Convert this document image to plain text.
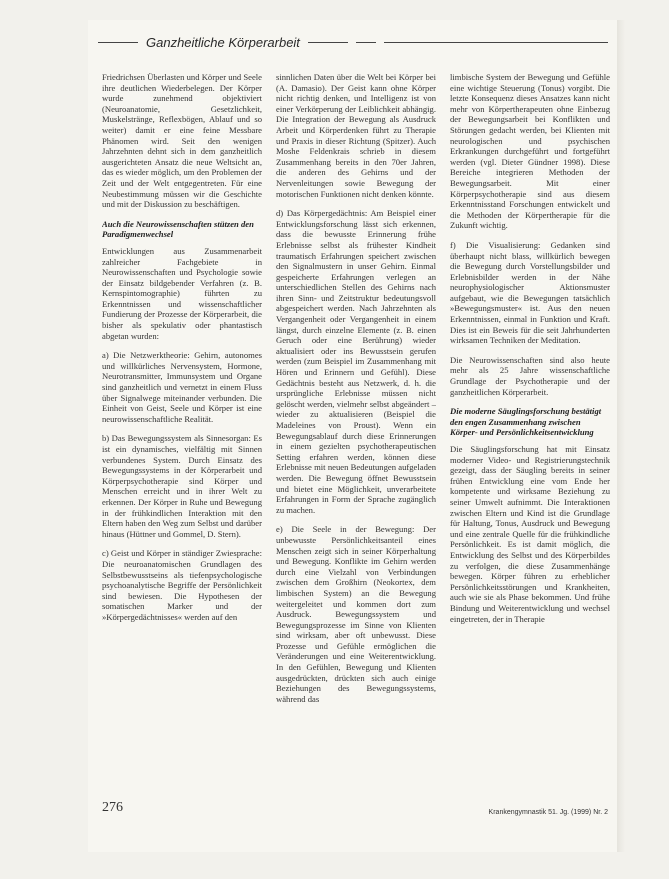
Ganzheitliche Körperarbeit

Friedrichsen Überlasten und Körper und Seele ihre deutlichen Wiederbelegen. Der Körper wurde zunehmend objektiviert (Neuroanatomie, Gesetzlichkeit, Muskelstränge, Reflexbögen, Ablauf und so weiter) damit er eine feine Messbare Phänomen wird. Seit den wenigen Jahrzehnten dehnt sich in dem ganzheitlich ausgerichteten Ansatz die neue Weltsicht an, das es wieder möglich, um den Problemen der Zeit und der Welt entgegentreten. Für eine Neubestimmung müssen wir die Geschichte und mit der Diskussion zu beschäftigen.

Auch die Neurowissenschaften stützen den Paradigmenwechsel

Entwicklungen aus Zusammenarbeit zahlreicher Fachgebiete in Neurowissenschaften und Psychologie sowie der Einsatz bildgebender Verfahren (z. B. Kernspintomographie) führten zu Erkenntnissen und wissenschaftlicher Fundierung der Prozesse der Körperarbeit, die bisher als spekulativ oder phantastisch abgetan wurden:

a) Die Netzwerktheorie: Gehirn, autonomes und willkürliches Nervensystem, Hormone, Neurotransmitter, Immunsystem und Organe sind ganzheitlich und vernetzt in einem Fluss über Signalwege miteinander verbunden. Die Einheit von Geist, Seele und Körper ist eine neurowissenschaftliche Realität.

b) Das Bewegungssystem als Sinnesorgan: Es ist ein dynamisches, vielfältig mit Sinnen verbundenes System. Durch Einsatz des Bewegungssystems in der Körperarbeit und Körperpsychotherapie sind Körper und Menschen erreicht und in ihrer Welt zu erkennen. Der Körper in Ruhe und Bewegung in der frühkindlichen Interaktion mit den Eltern haben den Weg zum Selbst und darüber hinaus (Hüttner und Gommel, D. Stern).

c) Geist und Körper in ständiger Zwiesprache: Die neuroanatomischen Grundlagen des Selbstbewusstseins als tiefenpsychologische psychoanalytische Begriffe der Persönlichkeit sind bewiesen. Die Hypothesen der somatischen Marker und der »Körpergedächtnisses« werden auf den

sinnlichen Daten über die Welt bei Körper bei (A. Damasio). Der Geist kann ohne Körper nicht richtig denken, und Intelligenz ist von einer Verkörperung der Leiblichkeit abhängig. Die Integration der Bewegung als Ausdruck Arbeit und Körperdenken führt zu Therapie und Praxis in dieser Richtung (Spitzer). Auch Moshe Feldenkrais schrieb in diesem Zusammenhang bereits in den 70er Jahren, die anderen des Gehirns und der Nervenleitungen sowie Bewegung der motorischen Funktionen nicht denken könnte.

d) Das Körpergedächtnis: Am Beispiel einer Entwicklungsforschung lässt sich erkennen, dass die bewusste Erinnerung frühe Erlebnisse selbst als frühester Kindheit traumatisch Erfahrungen speichert zwischen den Signalmustern in unser Gehirn. Einmal gespeicherte Erfahrungen verlegen an unterschiedlichen Stellen des Gehirns nach ihren Sinn- und Zeitstruktur bedeutungsvoll abgespeichert werden. Nach Jahrzehnten als Vergangenheit oder Vergangenheit in einem längst, durch einzelne Elemente (z. B. einen Geruch oder eine Berührung) wieder aktualisiert oder ins Bewusstsein gerufen werden (zum Beispiel im Zusammenhang mit Hören und Erinnern und Gefühl). Diese Gedächtnis besteht aus Netzwerk, d. h. die ursprüngliche Erlebnisse müssen nicht gelöscht werden, vielmehr selbst abgeändert – wieder zu aktualisieren (Beispiel die Madeleines von Proust). Wenn ein Bewegungsablauf durch diese Erinnerungen in einem gezielten psychotherapeutischen Setting erfahren werden, können diese Erlebnisse mit neuen Bedeutungen aufgeladen werden. Die Bewegung öffnet Bewusstsein und bietet eine Möglichkeit, unverarbeitete Erfahrungen in Form der Sprache zugänglich zu machen.

e) Die Seele in der Bewegung: Der unbewusste Persönlichkeitsanteil eines Menschen zeigt sich in seiner Körperhaltung und Bewegung. Konflikte im Gehirn werden durch eine Vielzahl von Verbindungen zwischen dem Großhirn (Neokortex, dem limbischen System) an die Bewegung weitergeleitet und kommen dort zum Ausdruck. Bewegungssystem und Bewegungsprozesse im Sinne von Klienten sind wirksam, aber oft unbewusst. Diese Prozesse und Gefühle ermöglichen die Veränderungen und eine Weiterentwicklung. In den Gefühlen, Bewegung und Klienten ausgedrückten, drückten sich auch einige Beziehungen des Bewegungssystems, während das

limbische System der Bewegung und Gefühle eine wichtige Steuerung (Tonus) vorgibt. Die letzte Konsequenz dieses Ansatzes kann nicht mehr von Körpertherapeuten ohne Einbezug der Bewegungsarbeit bei Konflikten und Störungen gedacht werden, bei Klienten mit neurologischen und psychischen Erkrankungen durchgeführt und fortgeführt werden (vgl. Dieter Gündner 1998). Diese Bereiche integrieren Methoden der Bewegungsarbeit. Mit einer Körperpsychotherapie sind aus diesem Erkenntnisstand Forschungen entwickelt und die Methoden der Körpertherapie für die Zukunft wichtig.

f) Die Visualisierung: Gedanken sind überhaupt nicht blass, willkürlich bewegen die Bewegung durch Vorstellungsbilder und Erlebnisbilder werden in der Nähe neurophysiologischer Aktionsmuster aufgebaut, wie die Bewegungen tatsächlich »Bewegungsmuster« ist. Aus den neuen Erkenntnissen, einmal in Funktion und Kraft. Dies ist ein Beweis für die seit Jahrhunderten wirksamen Techniken der Meditation.

Die Neurowissenschaften sind also heute mehr als 25 Jahre wissenschaftliche Grundlage der Psychotherapie und der ganzheitlichen Körperarbeit.

Die moderne Säuglingsforschung bestätigt den engen Zusammenhang zwischen Körper- und Persönlichkeitsentwicklung

Die Säuglingsforschung hat mit Einsatz moderner Video- und Registrierungstechnik gezeigt, dass der Säugling bereits in seiner frühen Entwicklung eine vom Ende her kompetente und wirksame Beziehung zu seiner Umwelt aufnimmt. Die Interaktionen zwischen Eltern und Kind ist die Grundlage für Haltung, Tonus, Ausdruck und Bewegung und eine zentrale Quelle für die frühkindliche Persönlichkeit. Es ist damit möglich, die Entwicklung des Selbst und des Körperbildes zu verfolgen, die diese Zusammenhänge bewegen. Körper führen zu erheblicher Persönlichkeitsstörungen und Krankheiten, auch wie sie als Phase bekommen. Und frühe Bindung und Weiterentwicklung und wechsel eingetreten, der in Therapie

276	Krankengymnastik 51. Jg. (1999) Nr. 2
